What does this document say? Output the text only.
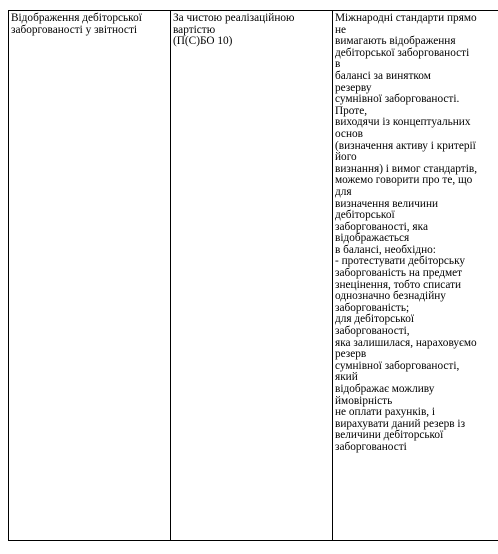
Відображення дебіторської
заборгованості у звітності

За чистою реалізаційною
вартістю
(П(С)БО 10)

Міжнародні стандарти прямо
не
вимагають відображення
дебіторської заборгованості
в
балансі за винятком
резерву
сумнівної заборгованості.
Проте,
виходячи із концептуальних
основ
(визначення активу і критерії
його
визнання) і вимог стандартів,
можемо говорити про те, що
для
визначення величини
дебіторської
заборгованості, яка
відображається
в балансі, необхідно:
- протестувати дебіторську
заборгованість на предмет
знецінення, тобто списати
однозначно безнадійну
заборгованість;
для дебіторської
заборгованості,
яка залишилася, нараховуємо
резерв
сумнівної заборгованості,
який
відображає можливу
ймовірність
не оплати рахунків, і
вирахувати даний резерв із
величини дебіторської
заборгованості
